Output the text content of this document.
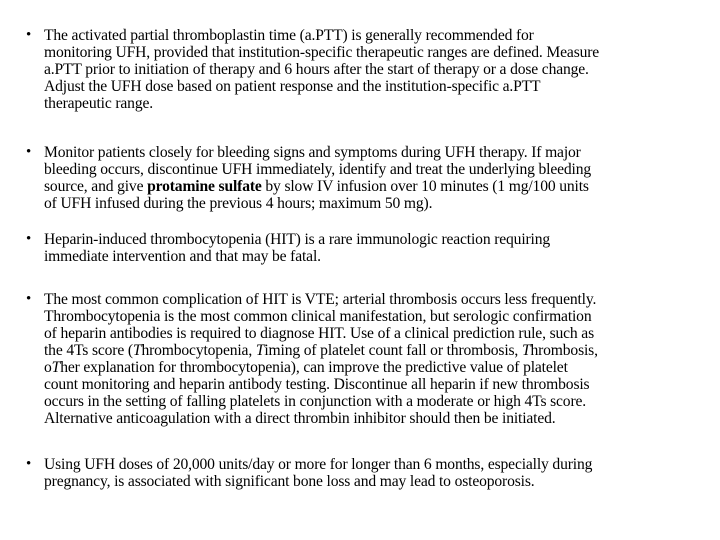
• The activated partial thromboplastin time (a.PTT) is generally recommended for
monitoring UFH, provided that institution-specific therapeutic ranges are defined. Measure
a.PTT prior to initiation of therapy and 6 hours after the start of therapy or a dose change.
Adjust the UFH dose based on patient response and the institution-specific a.PTT
therapeutic range.
• Monitor patients closely for bleeding signs and symptoms during UFH therapy. If major
bleeding occurs, discontinue UFH immediately, identify and treat the underlying bleeding
source, and give protamine sulfate by slow IV infusion over 10 minutes (1 mg/100 units
of UFH infused during the previous 4 hours; maximum 50 mg).
• Heparin-induced thrombocytopenia (HIT) is a rare immunologic reaction requiring
immediate intervention and that may be fatal.
• The most common complication of HIT is VTE; arterial thrombosis occurs less frequently.
Thrombocytopenia is the most common clinical manifestation, but serologic confirmation
of heparin antibodies is required to diagnose HIT. Use of a clinical prediction rule, such as
the 4Ts score (Thrombocytopenia, Timing of platelet count fall or thrombosis, Thrombosis,
oTher explanation for thrombocytopenia), can improve the predictive value of platelet
count monitoring and heparin antibody testing. Discontinue all heparin if new thrombosis
occurs in the setting of falling platelets in conjunction with a moderate or high 4Ts score.
Alternative anticoagulation with a direct thrombin inhibitor should then be initiated.
• Using UFH doses of 20,000 units/day or more for longer than 6 months, especially during
pregnancy, is associated with significant bone loss and may lead to osteoporosis.
